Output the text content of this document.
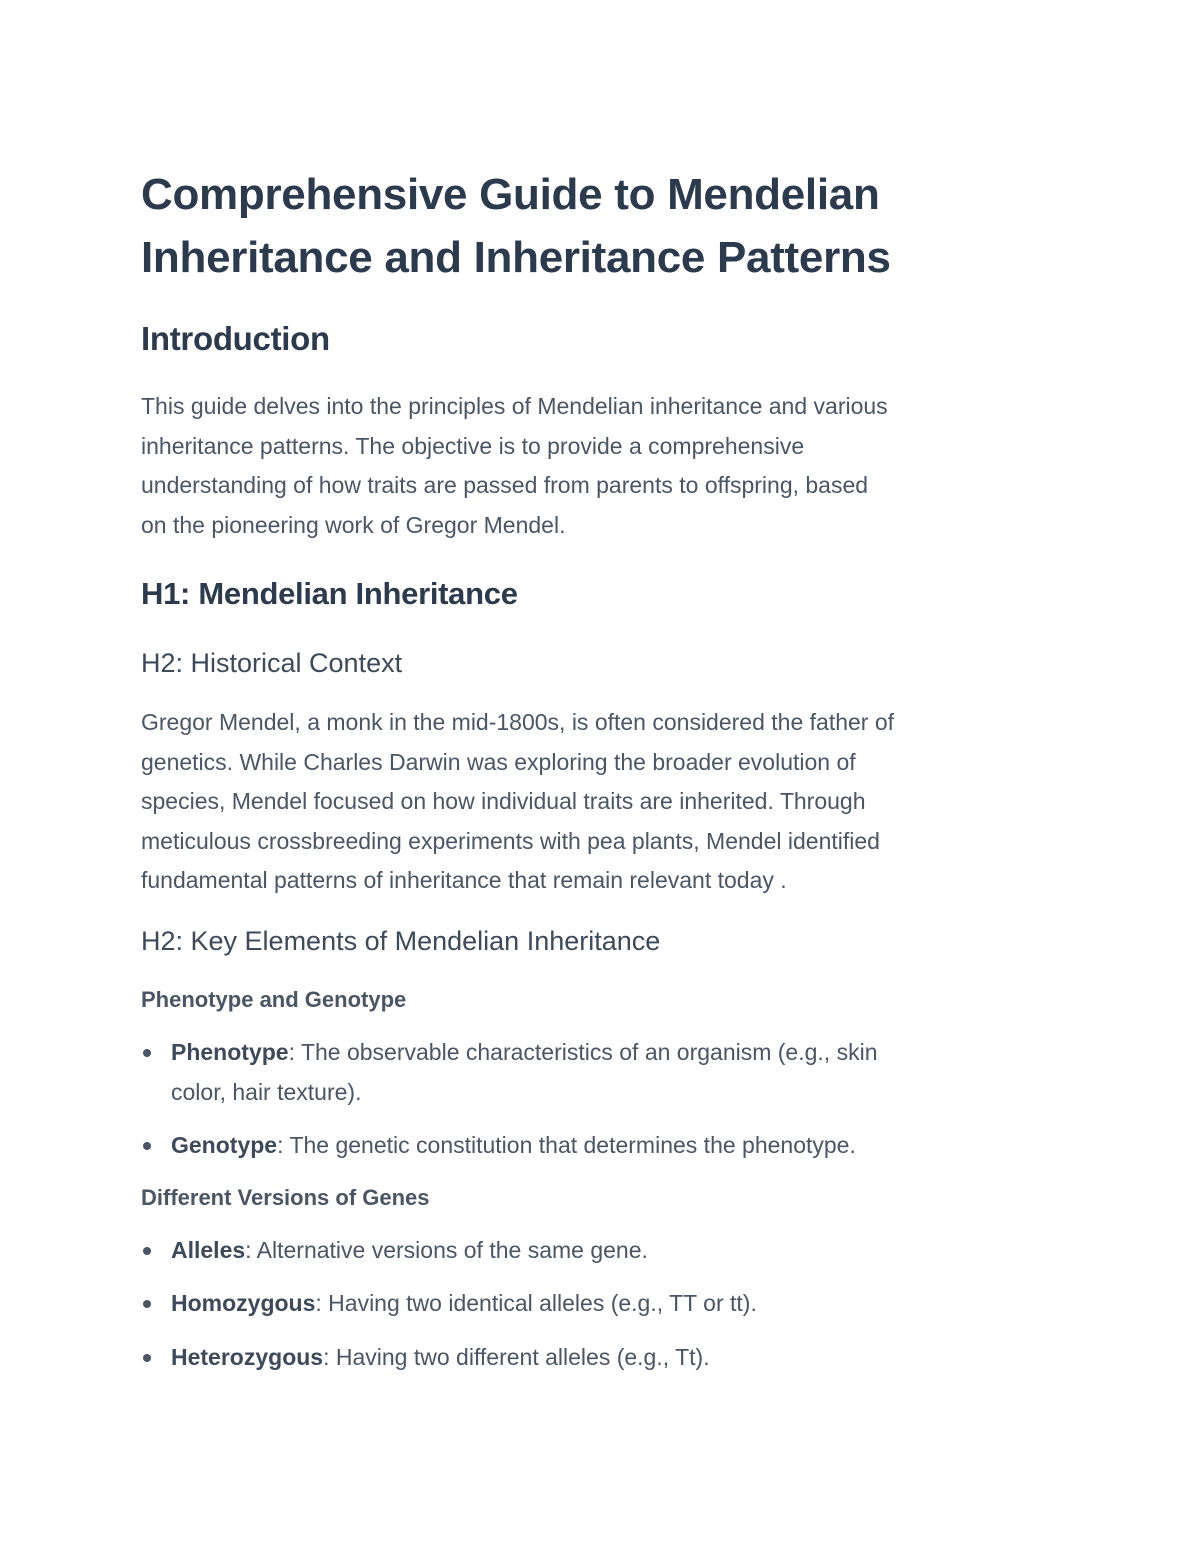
Comprehensive Guide to Mendelian
Inheritance and Inheritance Patterns
Introduction
This guide delves into the principles of Mendelian inheritance and various
inheritance patterns. The objective is to provide a comprehensive
understanding of how traits are passed from parents to offspring, based
on the pioneering work of Gregor Mendel.
H1: Mendelian Inheritance
H2: Historical Context
Gregor Mendel, a monk in the mid-1800s, is often considered the father of
genetics. While Charles Darwin was exploring the broader evolution of
species, Mendel focused on how individual traits are inherited. Through
meticulous crossbreeding experiments with pea plants, Mendel identified
fundamental patterns of inheritance that remain relevant today .
H2: Key Elements of Mendelian Inheritance
Phenotype and Genotype
Phenotype: The observable characteristics of an organism (e.g., skin
color, hair texture).
Genotype: The genetic constitution that determines the phenotype.
Different Versions of Genes
Alleles: Alternative versions of the same gene.
Homozygous: Having two identical alleles (e.g., TT or tt).
Heterozygous: Having two different alleles (e.g., Tt).
